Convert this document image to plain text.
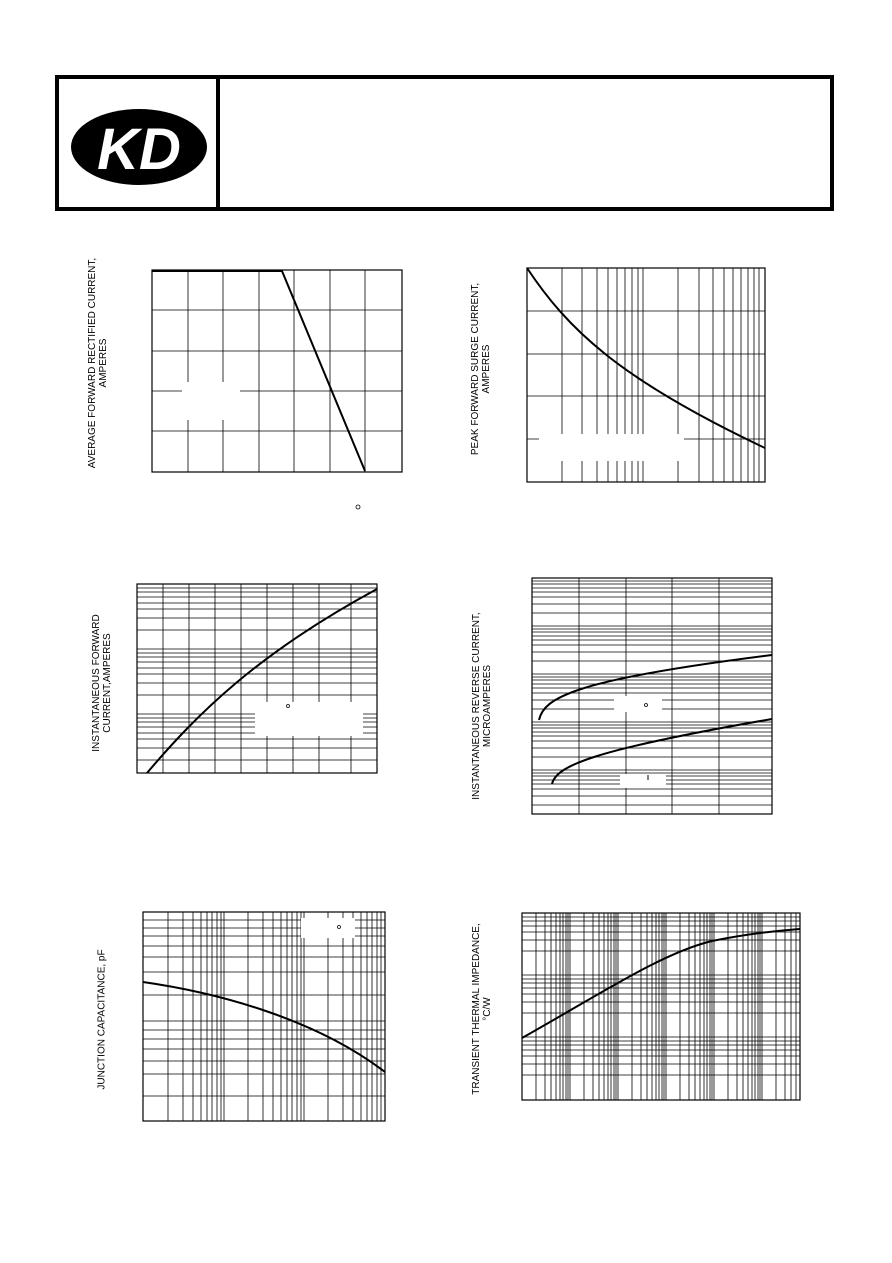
KD
AVERAGE FORWARD RECTIFIED CURRENT, AMPERES	PEAK FORWARD SURGE CURRENT, AMPERES
INSTANTANEOUS FORWARD CURRENT,AMPERES	INSTANTANEOUS REVERSE CURRENT, MICROAMPERES
JUNCTION CAPACITANCE, pF	TRANSIENT THERMAL IMPEDANCE, °C/W
